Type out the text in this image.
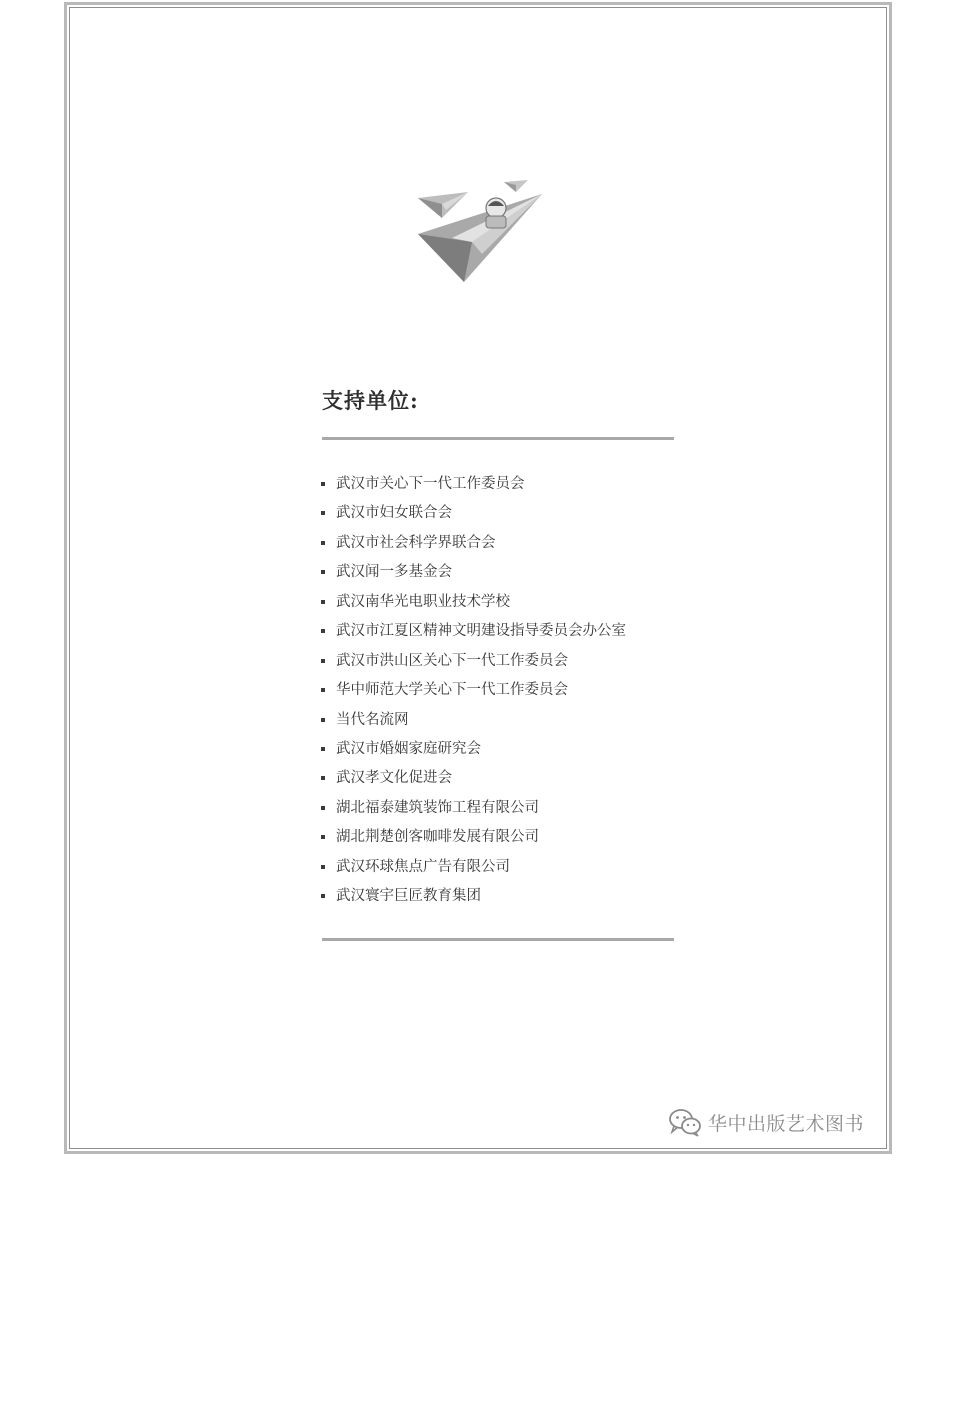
支持单位:
武汉市关心下一代工作委员会
武汉市妇女联合会
武汉市社会科学界联合会
武汉闻一多基金会
武汉南华光电职业技术学校
武汉市江夏区精神文明建设指导委员会办公室
武汉市洪山区关心下一代工作委员会
华中师范大学关心下一代工作委员会
当代名流网
武汉市婚姻家庭研究会
武汉孝文化促进会
湖北福泰建筑装饰工程有限公司
湖北荆楚创客咖啡发展有限公司
武汉环球焦点广告有限公司
武汉寰宇巨匠教育集团
华中出版艺术图书
